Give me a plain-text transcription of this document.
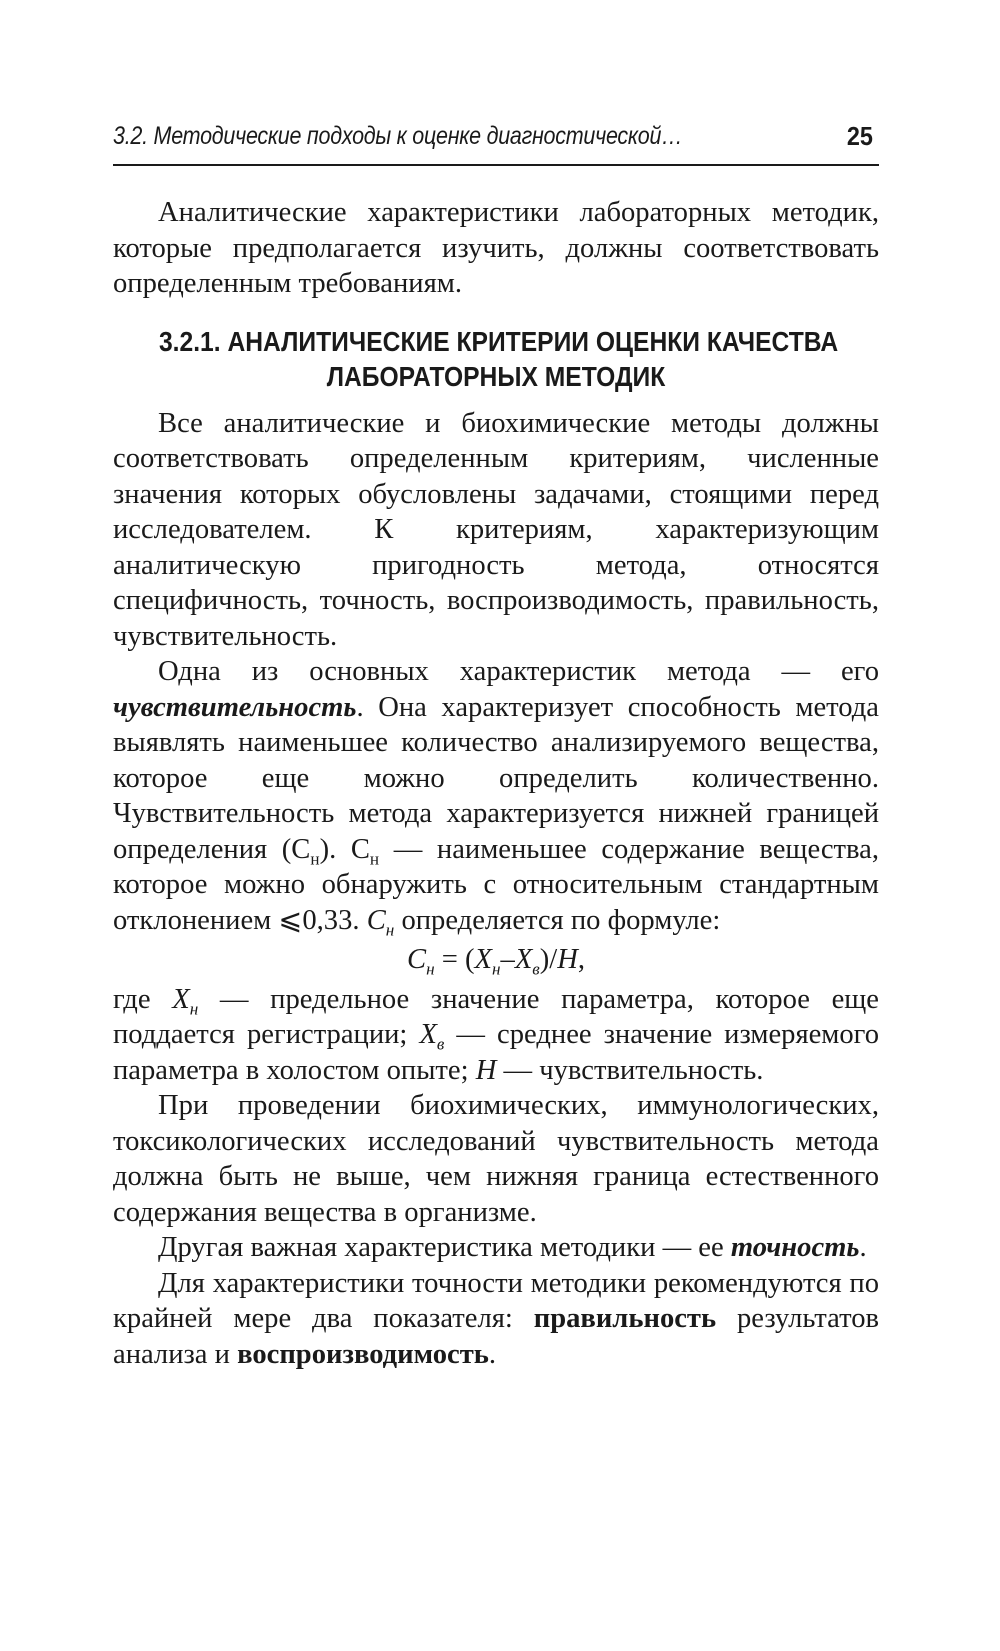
3.2. Методические подходы к оценке диагностической…	25

Аналитические характеристики лабораторных методик, которые предполагается изучить, должны соответствовать определенным требованиям.

3.2.1. АНАЛИТИЧЕСКИЕ КРИТЕРИИ ОЦЕНКИ КАЧЕСТВА
ЛАБОРАТОРНЫХ МЕТОДИК

Все аналитические и биохимические методы должны соответствовать определенным критериям, численные значения которых обусловлены задачами, стоящими перед исследователем. К критериям, характеризующим аналитическую пригодность метода, относятся специфичность, точность, воспроизводимость, правильность, чувствительность.

Одна из основных характеристик метода — его чувствительность. Она характеризует способность метода выявлять наименьшее количество анализируемого вещества, которое еще можно определить количественно. Чувствительность метода характеризуется нижней границей определения $(С_н)$. $С_н$ — наименьшее содержание вещества, которое можно обнаружить с относительным стандартным отклонением ⩽0,33. $С_н$ определяется по формуле:

$С_н = (X_н-X_в)/H$,

где $X_н$ — предельное значение параметра, которое еще поддается регистрации; $X_в$ — среднее значение измеряемого параметра в холостом опыте; H — чувствительность.

При проведении биохимических, иммунологических, токсикологических исследований чувствительность метода должна быть не выше, чем нижняя граница естественного содержания вещества в организме.

Другая важная характеристика методики — ее точность.

Для характеристики точности методики рекомендуются по крайней мере два показателя: правильность результатов анализа и воспроизводимость.
